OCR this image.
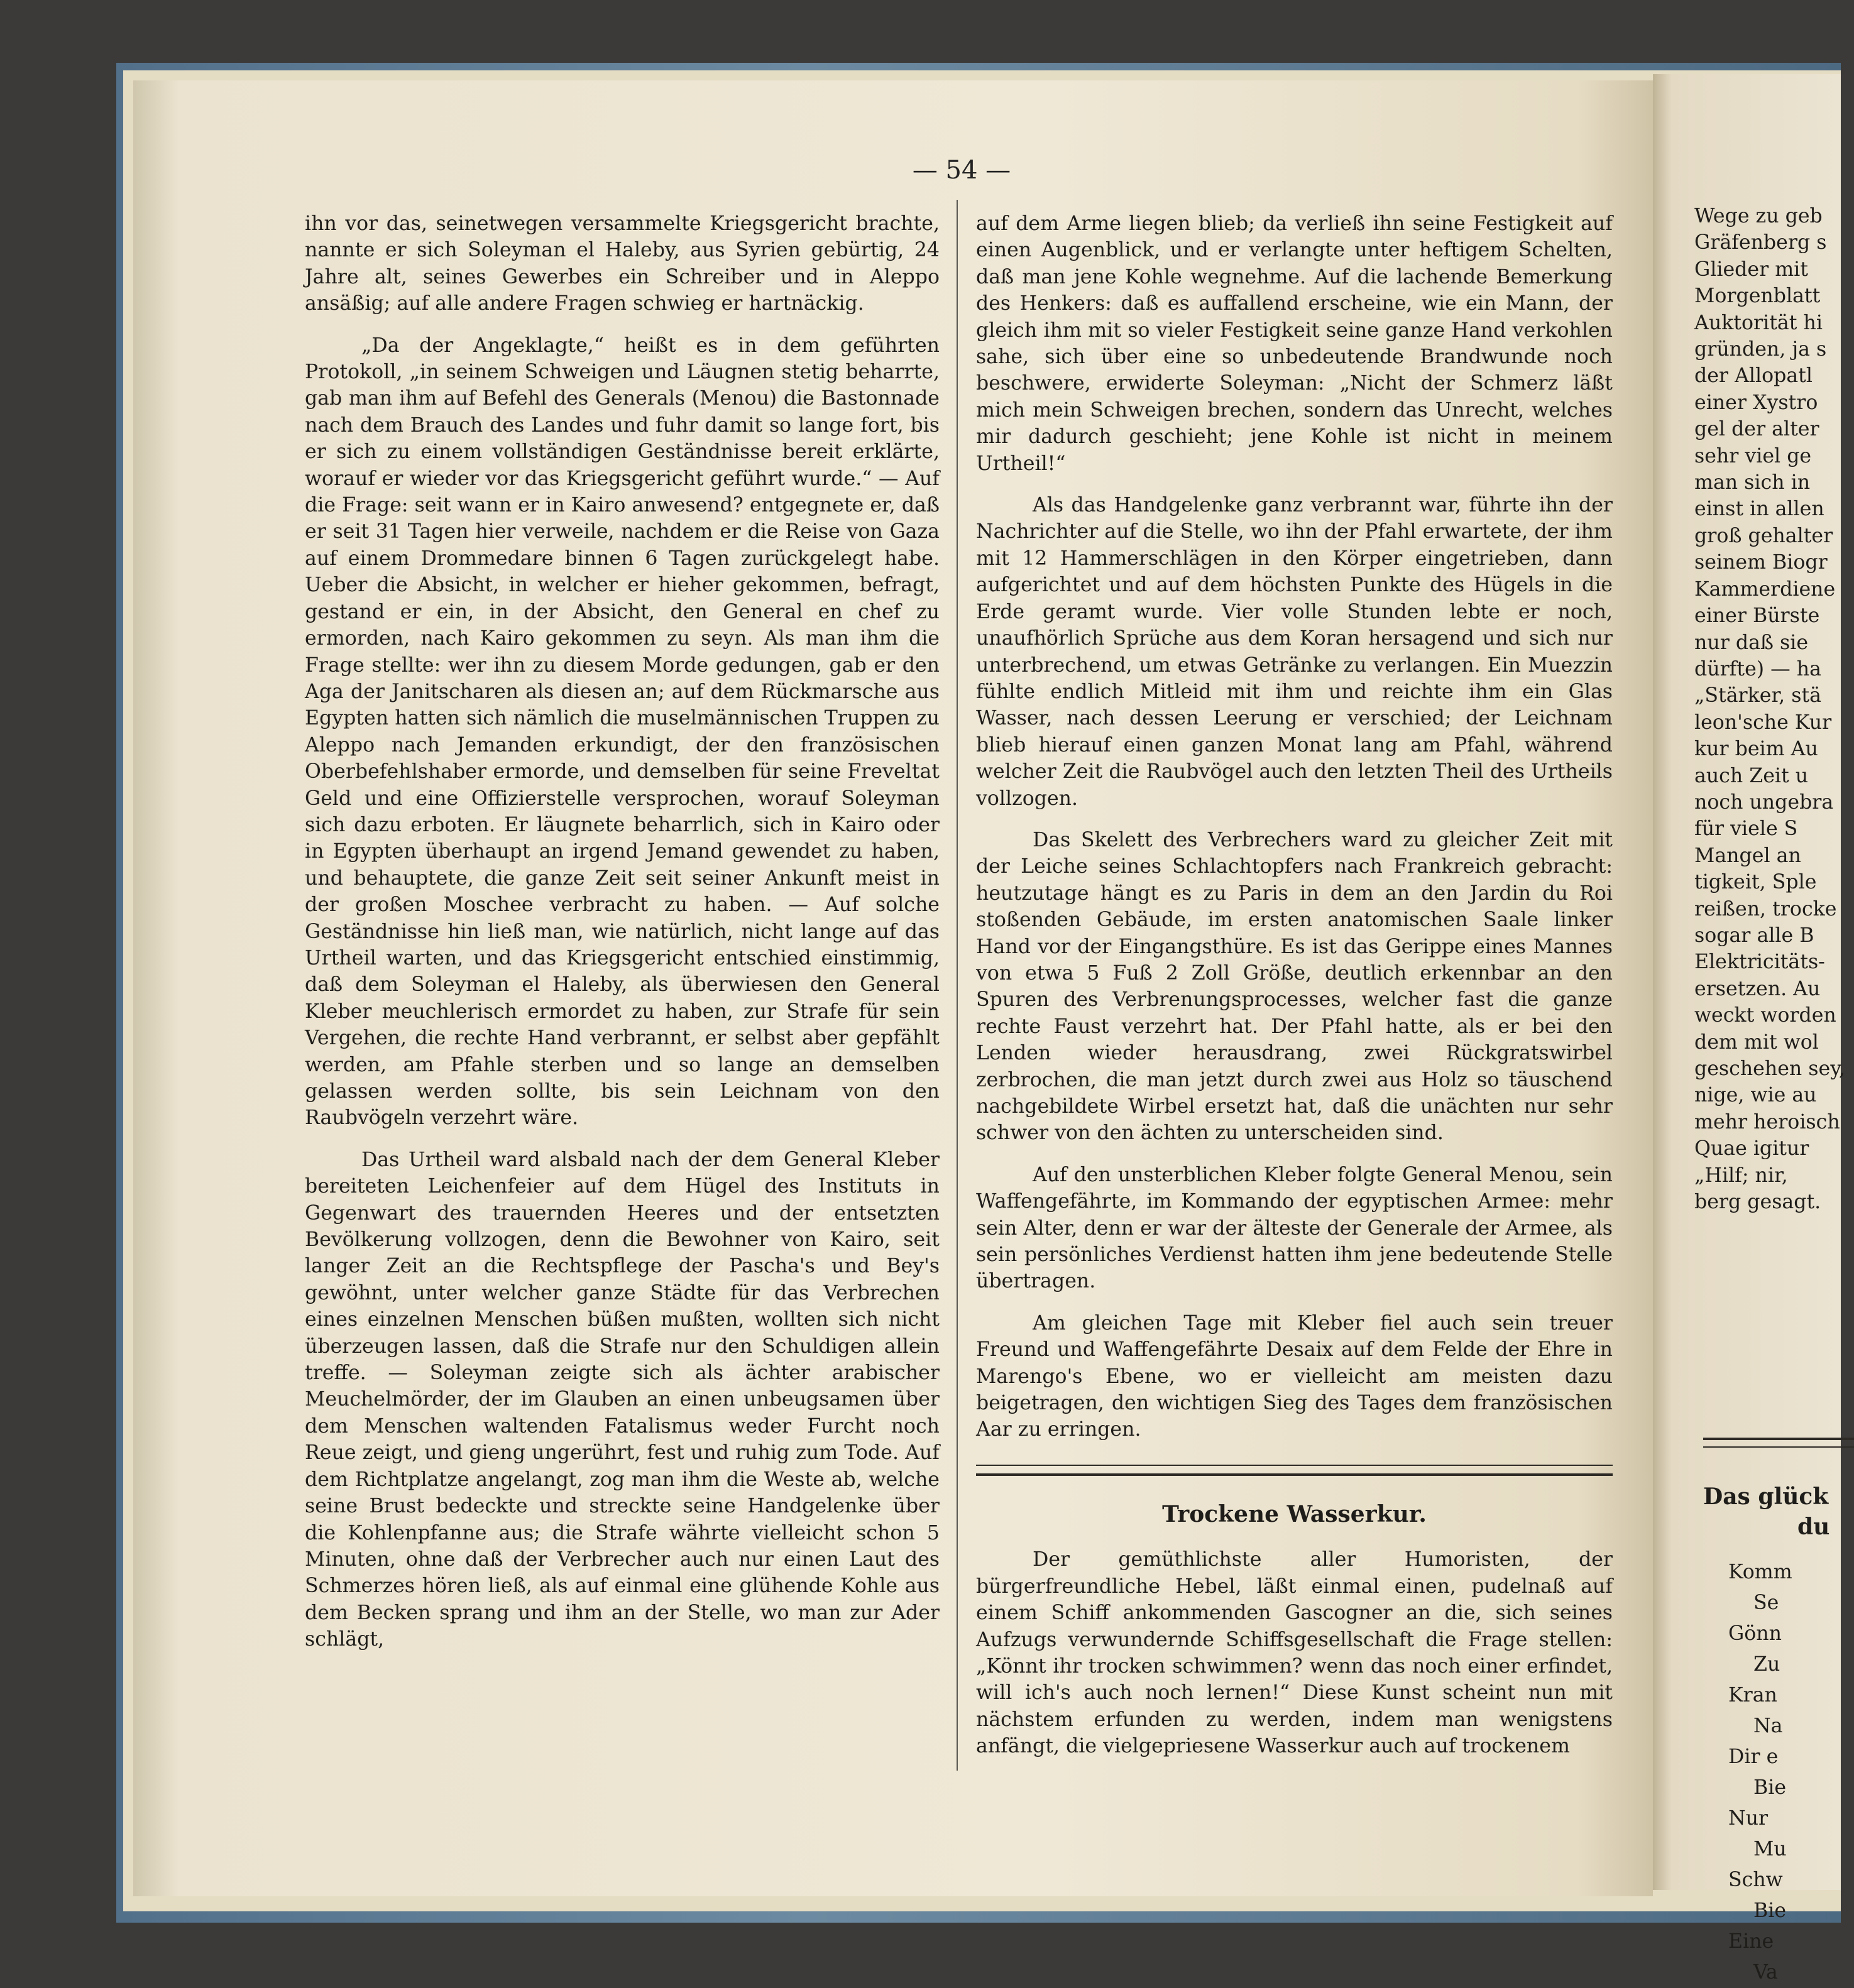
— 54 —

ihn vor das, seinetwegen versammelte Kriegsgericht brachte, nannte er sich Soleyman el Haleby, aus Syrien gebürtig, 24 Jahre alt, seines Gewerbes ein Schreiber und in Aleppo ansäßig; auf alle andere Fragen schwieg er hartnäckig.

„Da der Angeklagte,“ heißt es in dem geführten Protokoll, „in seinem Schweigen und Läugnen stetig beharrte, gab man ihm auf Befehl des Generals (Menou) die Bastonnade nach dem Brauch des Landes und fuhr damit so lange fort, bis er sich zu einem vollständigen Geständnisse bereit erklärte, worauf er wieder vor das Kriegsgericht geführt wurde.“ — Auf die Frage: seit wann er in Kairo anwesend? entgegnete er, daß er seit 31 Tagen hier verweile, nachdem er die Reise von Gaza auf einem Drommedare binnen 6 Tagen zurückgelegt habe. Ueber die Absicht, in welcher er hieher gekommen, befragt, gestand er ein, in der Absicht, den General en chef zu ermorden, nach Kairo gekommen zu seyn. Als man ihm die Frage stellte: wer ihn zu diesem Morde gedungen, gab er den Aga der Janitscharen als diesen an; auf dem Rückmarsche aus Egypten hatten sich nämlich die muselmännischen Truppen zu Aleppo nach Jemanden erkundigt, der den französischen Oberbefehlshaber ermorde, und demselben für seine Freveltat Geld und eine Offizierstelle versprochen, worauf Soleyman sich dazu erboten. Er läugnete beharrlich, sich in Kairo oder in Egypten überhaupt an irgend Jemand gewendet zu haben, und behauptete, die ganze Zeit seit seiner Ankunft meist in der großen Moschee verbracht zu haben. — Auf solche Geständnisse hin ließ man, wie natürlich, nicht lange auf das Urtheil warten, und das Kriegsgericht entschied einstimmig, daß dem Soleyman el Haleby, als überwiesen den General Kleber meuchlerisch ermordet zu haben, zur Strafe für sein Vergehen, die rechte Hand verbrannt, er selbst aber gepfählt werden, am Pfahle sterben und so lange an demselben gelassen werden sollte, bis sein Leichnam von den Raubvögeln verzehrt wäre.

Das Urtheil ward alsbald nach der dem General Kleber bereiteten Leichenfeier auf dem Hügel des Instituts in Gegenwart des trauernden Heeres und der entsetzten Bevölkerung vollzogen, denn die Bewohner von Kairo, seit langer Zeit an die Rechtspflege der Pascha's und Bey's gewöhnt, unter welcher ganze Städte für das Verbrechen eines einzelnen Menschen büßen mußten, wollten sich nicht überzeugen lassen, daß die Strafe nur den Schuldigen allein treffe. — Soleyman zeigte sich als ächter arabischer Meuchelmörder, der im Glauben an einen unbeugsamen über dem Menschen waltenden Fatalismus weder Furcht noch Reue zeigt, und gieng ungerührt, fest und ruhig zum Tode. Auf dem Richtplatze angelangt, zog man ihm die Weste ab, welche seine Brust bedeckte und streckte seine Handgelenke über die Kohlenpfanne aus; die Strafe währte vielleicht schon 5 Minuten, ohne daß der Verbrecher auch nur einen Laut des Schmerzes hören ließ, als auf einmal eine glühende Kohle aus dem Becken sprang und ihm an der Stelle, wo man zur Ader schlägt,

auf dem Arme liegen blieb; da verließ ihn seine Festigkeit auf einen Augenblick, und er verlangte unter heftigem Schelten, daß man jene Kohle wegnehme. Auf die lachende Bemerkung des Henkers: daß es auffallend erscheine, wie ein Mann, der gleich ihm mit so vieler Festigkeit seine ganze Hand verkohlen sahe, sich über eine so unbedeutende Brandwunde noch beschwere, erwiderte Soleyman: „Nicht der Schmerz läßt mich mein Schweigen brechen, sondern das Unrecht, welches mir dadurch geschieht; jene Kohle ist nicht in meinem Urtheil!“

Als das Handgelenke ganz verbrannt war, führte ihn der Nachrichter auf die Stelle, wo ihn der Pfahl erwartete, der ihm mit 12 Hammerschlägen in den Körper eingetrieben, dann aufgerichtet und auf dem höchsten Punkte des Hügels in die Erde geramt wurde. Vier volle Stunden lebte er noch, unaufhörlich Sprüche aus dem Koran hersagend und sich nur unterbrechend, um etwas Getränke zu verlangen. Ein Muezzin fühlte endlich Mitleid mit ihm und reichte ihm ein Glas Wasser, nach dessen Leerung er verschied; der Leichnam blieb hierauf einen ganzen Monat lang am Pfahl, während welcher Zeit die Raubvögel auch den letzten Theil des Urtheils vollzogen.

Das Skelett des Verbrechers ward zu gleicher Zeit mit der Leiche seines Schlachtopfers nach Frankreich gebracht: heutzutage hängt es zu Paris in dem an den Jardin du Roi stoßenden Gebäude, im ersten anatomischen Saale linker Hand vor der Eingangsthüre. Es ist das Gerippe eines Mannes von etwa 5 Fuß 2 Zoll Größe, deutlich erkennbar an den Spuren des Verbrenungsprocesses, welcher fast die ganze rechte Faust verzehrt hat. Der Pfahl hatte, als er bei den Lenden wieder herausdrang, zwei Rückgratswirbel zerbrochen, die man jetzt durch zwei aus Holz so täuschend nachgebildete Wirbel ersetzt hat, daß die unächten nur sehr schwer von den ächten zu unterscheiden sind.

Auf den unsterblichen Kleber folgte General Menou, sein Waffengefährte, im Kommando der egyptischen Armee: mehr sein Alter, denn er war der älteste der Generale der Armee, als sein persönliches Verdienst hatten ihm jene bedeutende Stelle übertragen.

Am gleichen Tage mit Kleber fiel auch sein treuer Freund und Waffengefährte Desaix auf dem Felde der Ehre in Marengo's Ebene, wo er vielleicht am meisten dazu beigetragen, den wichtigen Sieg des Tages dem französischen Aar zu erringen.

Trockene Wasserkur.

Der gemüthlichste aller Humoristen, der bürgerfreundliche Hebel, läßt einmal einen, pudelnaß auf einem Schiff ankommenden Gascogner an die, sich seines Aufzugs verwundernde Schiffsgesellschaft die Frage stellen: „Könnt ihr trocken schwimmen? wenn das noch einer erfindet, will ich's auch noch lernen!“ Diese Kunst scheint nun mit nächstem erfunden zu werden, indem man wenigstens anfängt, die vielgepriesene Wasserkur auch auf trockenem

Wege zu geb
Gräfenberg s
Glieder mit
Morgenblatt
Auktorität hi
gründen, ja s
der Allopatl
einer Xystro
gel der alter
sehr viel ge
man sich in
einst in allen
groß gehalter
seinem Biogr
Kammerdiene
einer Bürste
nur daß sie
dürfte) — ha
„Stärker, stä
leon'sche Kur
kur beim Au
auch Zeit u
noch ungebra
für viele S
Mangel an
tigkeit, Sple
reißen, trocke
sogar alle B
Elektricitäts-
ersetzen. Au
weckt worden
dem mit wol
geschehen sey,
nige, wie au
mehr heroisch
Quae igitur
„Hilf; nir,
berg gesagt.
Das glück
du
Komm
Se
Gönn
Zu
Kran
Na
Dir e
Bie
Nur
Mu
Schw
Bie
Eine
Va
